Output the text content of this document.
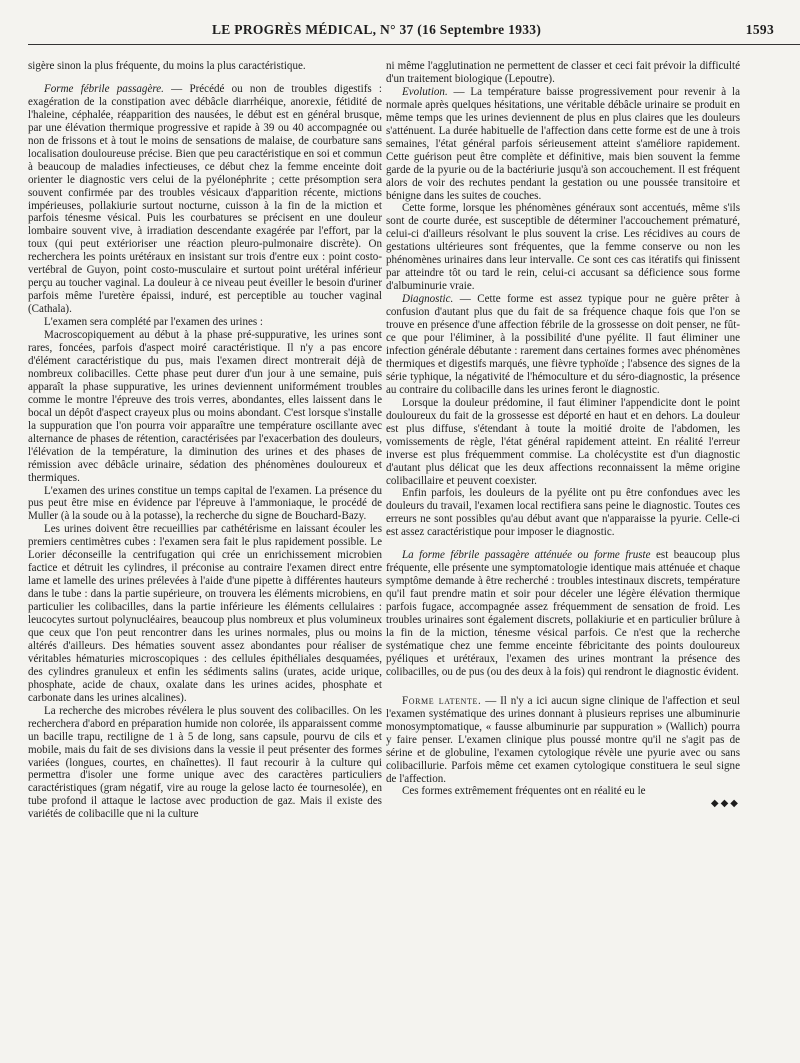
LE PROGRÈS MÉDICAL, N° 37 (16 Septembre 1933)	1593

sigère sinon la plus fréquente, du moins la plus caractéristique.

Forme fébrile passagère. — Précédé ou non de troubles digestifs : exagération de la constipation avec débâcle diarrhéique, anorexie, fétidité de l'haleine, céphalée, réapparition des nausées, le début est en général brusque, par une élévation thermique progressive et rapide à 39 ou 40 accompagnée ou non de frissons et à tout le moins de sensations de malaise, de courbature sans localisation douloureuse précise. Bien que peu caractéristique en soi et commun à beaucoup de maladies infectieuses, ce début chez la femme enceinte doit orienter le diagnostic vers celui de la pyélonéphrite ; cette présomption sera souvent confirmée par des troubles vésicaux d'apparition récente, mictions impérieuses, pollakiurie surtout nocturne, cuisson à la fin de la miction et parfois ténesme vésical. Puis les courbatures se précisent en une douleur lombaire souvent vive, à irradiation descendante exagérée par l'effort, par la toux (qui peut extérioriser une réaction pleuro-pulmonaire discrète). On recherchera les points urétéraux en insistant sur trois d'entre eux : point costo-vertébral de Guyon, point costo-musculaire et surtout point urétéral inférieur perçu au toucher vaginal. La douleur à ce niveau peut éveiller le besoin d'uriner parfois même l'uretère épaissi, induré, est perceptible au toucher vaginal (Cathala).

L'examen sera complété par l'examen des urines :

Macroscopiquement au début à la phase pré-suppurative, les urines sont rares, foncées, parfois d'aspect moiré caractéristique. Il n'y a pas encore d'élément caractéristique du pus, mais l'examen direct montrerait déjà de nombreux colibacilles. Cette phase peut durer d'un jour à une semaine, puis apparaît la phase suppurative, les urines deviennent uniformément troubles comme le montre l'épreuve des trois verres, abondantes, elles laissent dans le bocal un dépôt d'aspect crayeux plus ou moins abondant. C'est lorsque s'installe la suppuration que l'on pourra voir apparaître une température oscillante avec alternance de phases de rétention, caractérisées par l'exacerbation des douleurs, l'élévation de la température, la diminution des urines et des phases de rémission avec débâcle urinaire, sédation des phénomènes douloureux et thermiques.

L'examen des urines constitue un temps capital de l'examen. La présence du pus peut être mise en évidence par l'épreuve à l'ammoniaque, le procédé de Muller (à la soude ou à la potasse), la recherche du signe de Bouchard-Bazy.

Les urines doivent être recueillies par cathétérisme en laissant écouler les premiers centimètres cubes : l'examen sera fait le plus rapidement possible. Le Lorier déconseille la centrifugation qui crée un enrichissement microbien factice et détruit les cylindres, il préconise au contraire l'examen direct entre lame et lamelle des urines prélevées à l'aide d'une pipette à différentes hauteurs dans le tube : dans la partie supérieure, on trouvera les éléments microbiens, en particulier les colibacilles, dans la partie inférieure les éléments cellulaires : leucocytes surtout polynucléaires, beaucoup plus nombreux et plus volumineux que ceux que l'on peut rencontrer dans les urines normales, plus ou moins altérés d'ailleurs. Des hématies souvent assez abondantes pour réaliser de véritables hématuries microscopiques : des cellules épithéliales desquamées, des cylindres granuleux et enfin les sédiments salins (urates, acide urique, phosphate, acide de chaux, oxalate dans les urines acides, phosphate et carbonate dans les urines alcalines).

La recherche des microbes révélera le plus souvent des colibacilles. On les recherchera d'abord en préparation humide non colorée, ils apparaissent comme un bacille trapu, rectiligne de 1 à 5 de long, sans capsule, pourvu de cils et mobile, mais du fait de ses divisions dans la vessie il peut présenter des formes variées (longues, courtes, en chaînettes). Il faut recourir à la culture qui permettra d'isoler une forme unique avec des caractères particuliers caractéristiques (gram négatif, vire au rouge la gelose lacto ée tournesolée), en tube profond il attaque le lactose avec production de gaz. Mais il existe des variétés de colibacille que ni la culture

ni même l'agglutination ne permettent de classer et ceci fait prévoir la difficulté d'un traitement biologique (Lepoutre).

Evolution. — La température baisse progressivement pour revenir à la normale après quelques hésitations, une véritable débâcle urinaire se produit en même temps que les urines deviennent de plus en plus claires que les douleurs s'atténuent. La durée habituelle de l'affection dans cette forme est de une à trois semaines, l'état général parfois sérieusement atteint s'améliore rapidement. Cette guérison peut être complète et définitive, mais bien souvent la femme garde de la pyurie ou de la bactériurie jusqu'à son accouchement. Il est fréquent alors de voir des rechutes pendant la gestation ou une poussée transitoire et bénigne dans les suites de couches.

Cette forme, lorsque les phénomènes généraux sont accentués, même s'ils sont de courte durée, est susceptible de déterminer l'accouchement prématuré, celui-ci d'ailleurs résolvant le plus souvent la crise. Les récidives au cours de gestations ultérieures sont fréquentes, que la femme conserve ou non les phénomènes urinaires dans leur intervalle. Ce sont ces cas itératifs qui finissent par atteindre tôt ou tard le rein, celui-ci accusant sa déficience sous forme d'albuminurie vraie.

Diagnostic. — Cette forme est assez typique pour ne guère prêter à confusion d'autant plus que du fait de sa fréquence chaque fois que l'on se trouve en présence d'une affection fébrile de la grossesse on doit penser, ne fût-ce que pour l'éliminer, à la possibilité d'une pyélite. Il faut éliminer une infection générale débutante : rarement dans certaines formes avec phénomènes thermiques et digestifs marqués, une fièvre typhoïde ; l'absence des signes de la série typhique, la négativité de l'hémoculture et du séro-diagnostic, la présence au contraire du colibacille dans les urines feront le diagnostic.

Lorsque la douleur prédomine, il faut éliminer l'appendicite dont le point douloureux du fait de la grossesse est déporté en haut et en dehors. La douleur est plus diffuse, s'étendant à toute la moitié droite de l'abdomen, les vomissements de règle, l'état général rapidement atteint. En réalité l'erreur inverse est plus fréquemment commise. La cholécystite est d'un diagnostic d'autant plus délicat que les deux affections reconnaissent la même origine colibacillaire et peuvent coexister.

Enfin parfois, les douleurs de la pyélite ont pu être confondues avec les douleurs du travail, l'examen local rectifiera sans peine le diagnostic. Toutes ces erreurs ne sont possibles qu'au début avant que n'apparaisse la pyurie. Celle-ci est assez caractéristique pour imposer le diagnostic.

La forme fébrile passagère atténuée ou forme fruste est beaucoup plus fréquente, elle présente une symptomatologie identique mais atténuée et chaque symptôme demande à être recherché : troubles intestinaux discrets, température qu'il faut prendre matin et soir pour déceler une légère élévation thermique parfois fugace, accompagnée assez fréquemment de sensation de froid. Les troubles urinaires sont également discrets, pollakiurie et en particulier brûlure à la fin de la miction, ténesme vésical parfois. Ce n'est que la recherche systématique chez une femme enceinte fébricitante des points douloureux pyéliques et urétéraux, l'examen des urines montrant la présence des colibacilles, ou de pus (ou des deux à la fois) qui rendront le diagnostic évident.

Forme latente. — Il n'y a ici aucun signe clinique de l'affection et seul l'examen systématique des urines donnant à plusieurs reprises une albuminurie monosymptomatique, « fausse albuminurie par suppuration » (Wallich) pourra y faire penser. L'examen clinique plus poussé montre qu'il ne s'agit pas de sérine et de globuline, l'examen cytologique révèle une pyurie avec ou sans colibacillurie. Parfois même cet examen cytologique constituera le seul signe de l'affection.

Ces formes extrêmement fréquentes ont en réalité eu le

◆◆◆
